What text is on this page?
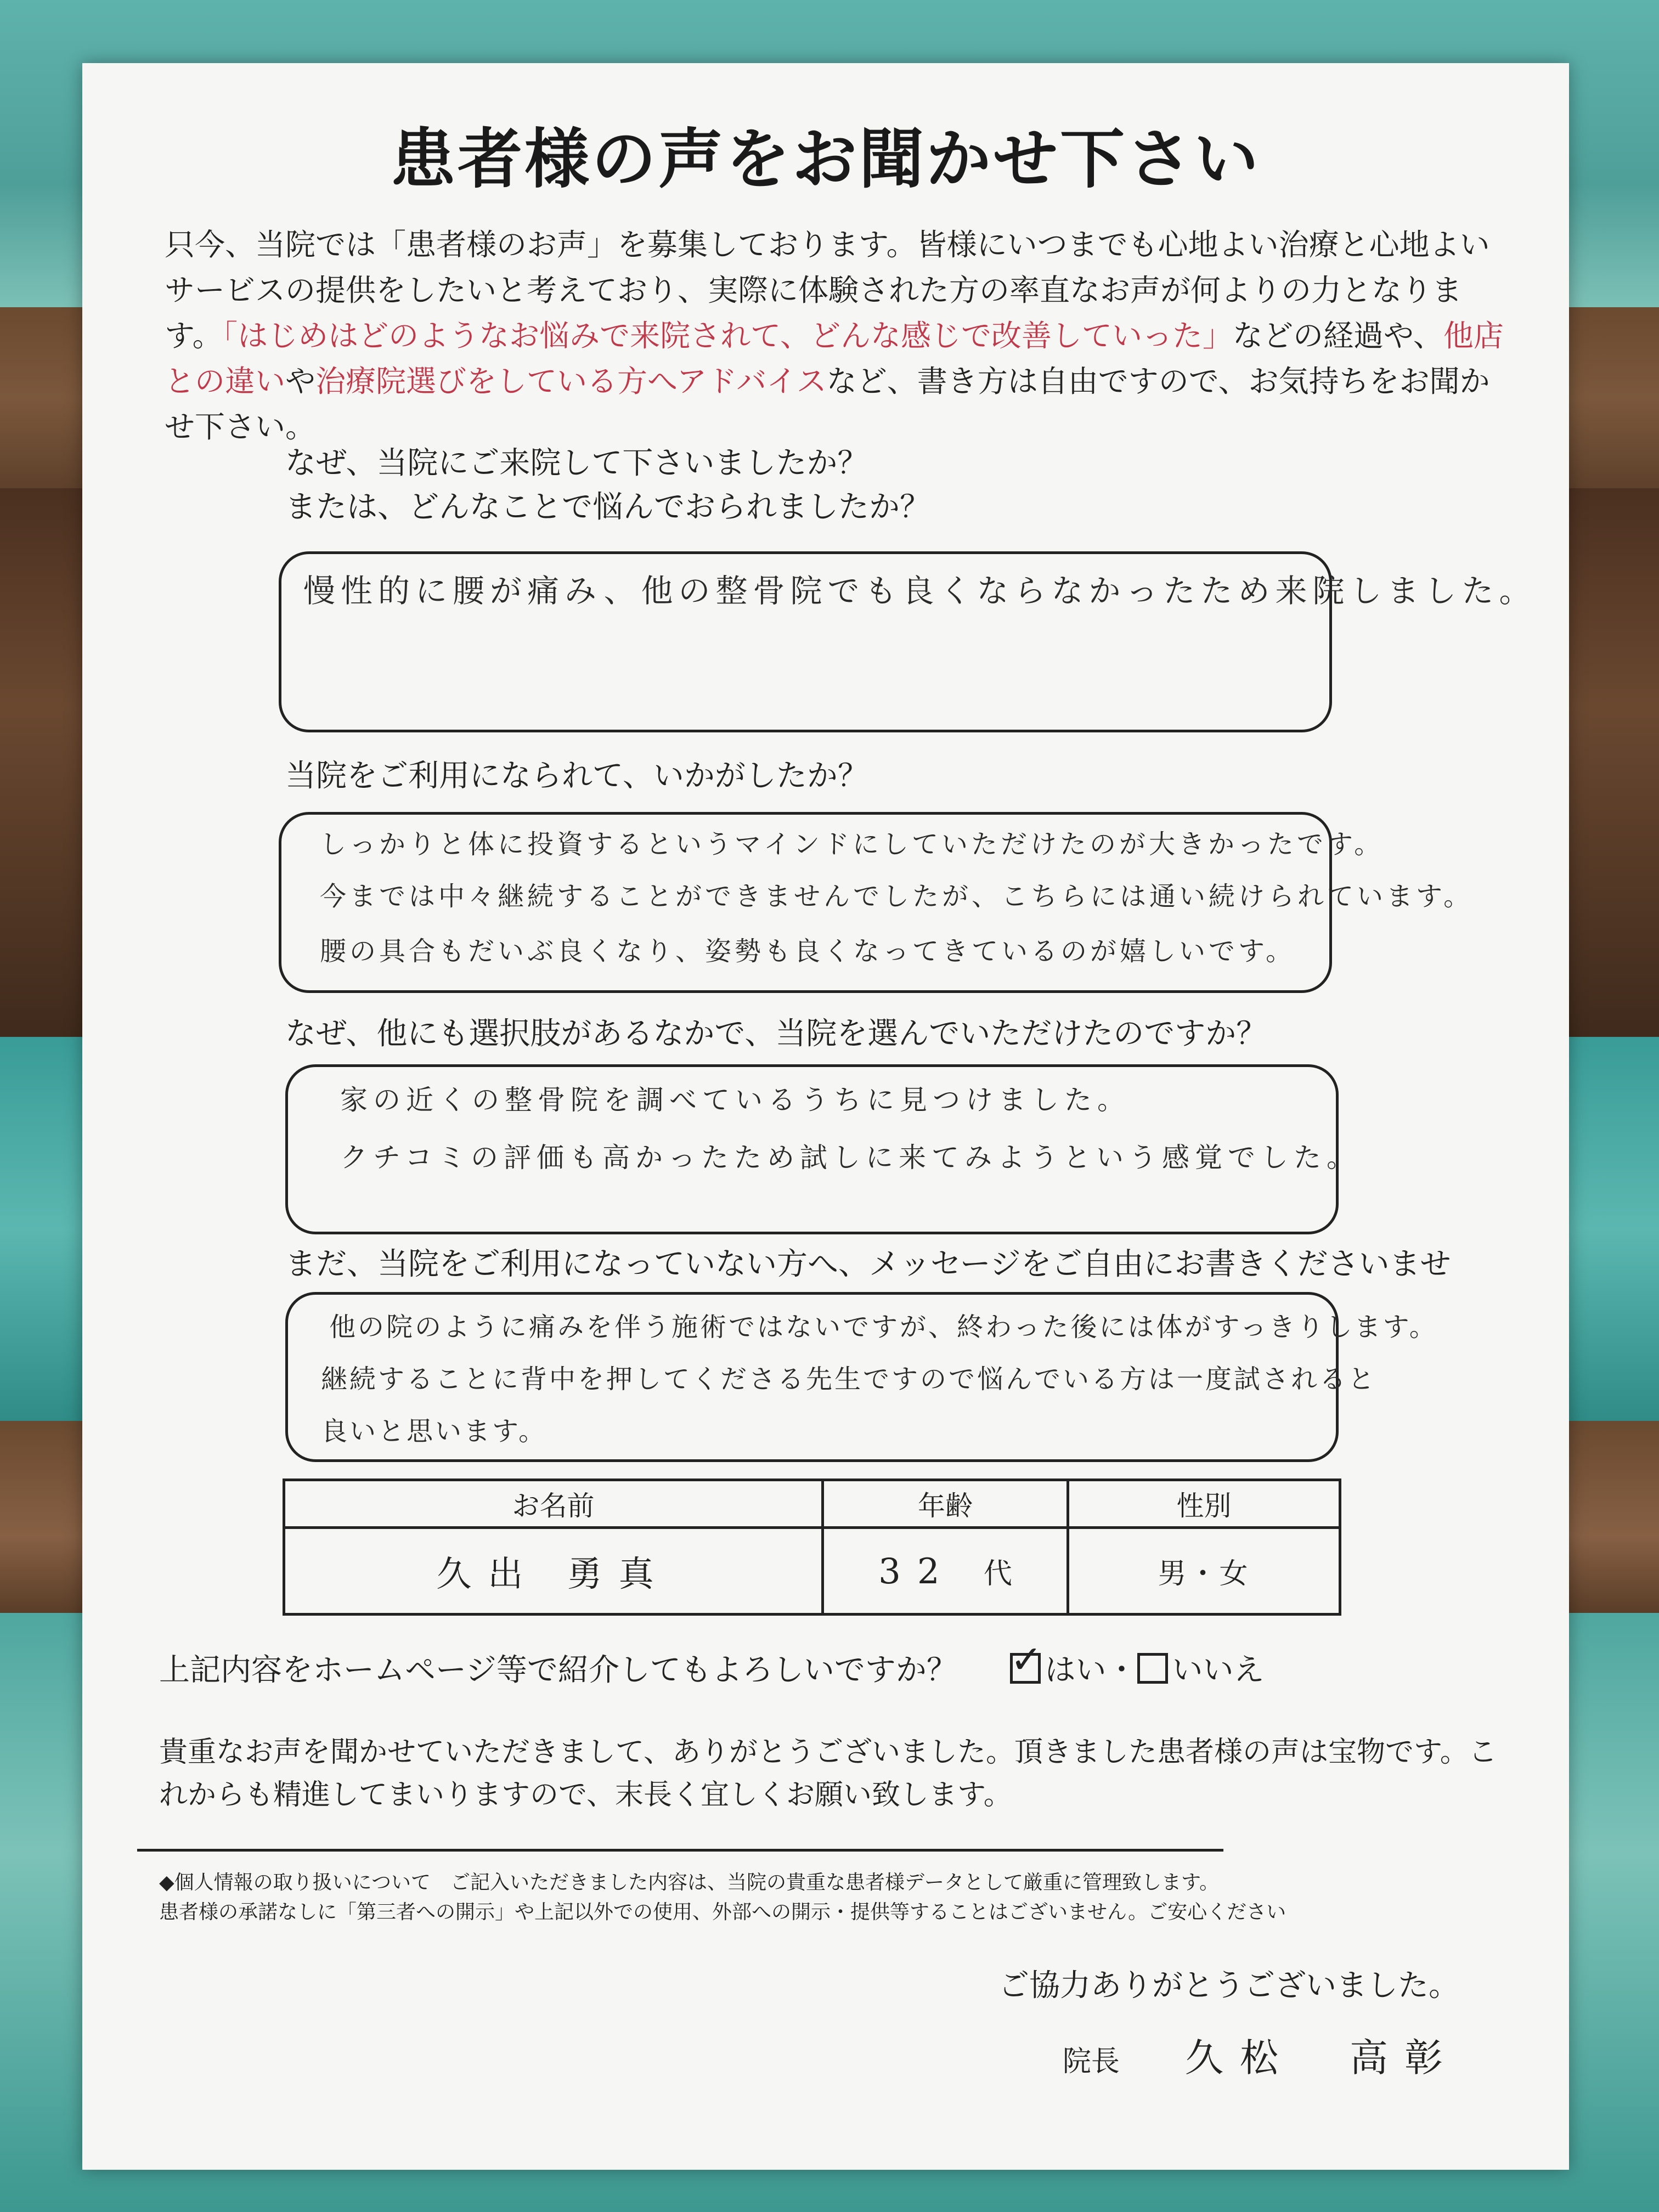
患者様の声をお聞かせ下さい
只今、当院では「患者様のお声」を募集しております。皆様にいつまでも心地よい治療と心地よいサービスの提供をしたいと考えており、実際に体験された方の率直なお声が何よりの力となります。「はじめはどのようなお悩みで来院されて、どんな感じで改善していった」などの経過や、他店との違いや治療院選びをしている方へアドバイスなど、書き方は自由ですので、お気持ちをお聞かせ下さい。
なぜ、当院にご来院して下さいましたか？
または、どんなことで悩んでおられましたか？
慢性的に腰が痛み、他の整骨院でも良くならなかったため来院しました。
当院をご利用になられて、いかがしたか？
しっかりと体に投資するというマインドにしていただけたのが大きかったです。
今までは中々継続することができませんでしたが、こちらには通い続けられています。
腰の具合もだいぶ良くなり、姿勢も良くなってきているのが嬉しいです。
なぜ、他にも選択肢があるなかで、当院を選んでいただけたのですか？
家の近くの整骨院を調べているうちに見つけました。
クチコミの評価も高かったため試しに来てみようという感覚でした。
まだ、当院をご利用になっていない方へ、メッセージをご自由にお書きくださいませ
他の院のように痛みを伴う施術ではないですが、終わった後には体がすっきりします。
継続することに背中を押してくださる先生ですので悩んでいる方は一度試されると
良いと思います。
お名前	年齢	性別
久出 勇真	32 代	男・女
上記内容をホームページ等で紹介してもよろしいですか？ ✓	はい・ いいえ
貴重なお声を聞かせていただきまして、ありがとうございました。頂きました患者様の声は宝物です。これからも精進してまいりますので、末長く宜しくお願い致します。
◆個人情報の取り扱いについて　ご記入いただきました内容は、当院の貴重な患者様データとして厳重に管理致します。
患者様の承諾なしに「第三者への開示」や上記以外での使用、外部への開示・提供等することはございません。ご安心ください
ご協力ありがとうございました。
院長 久松　高彰
